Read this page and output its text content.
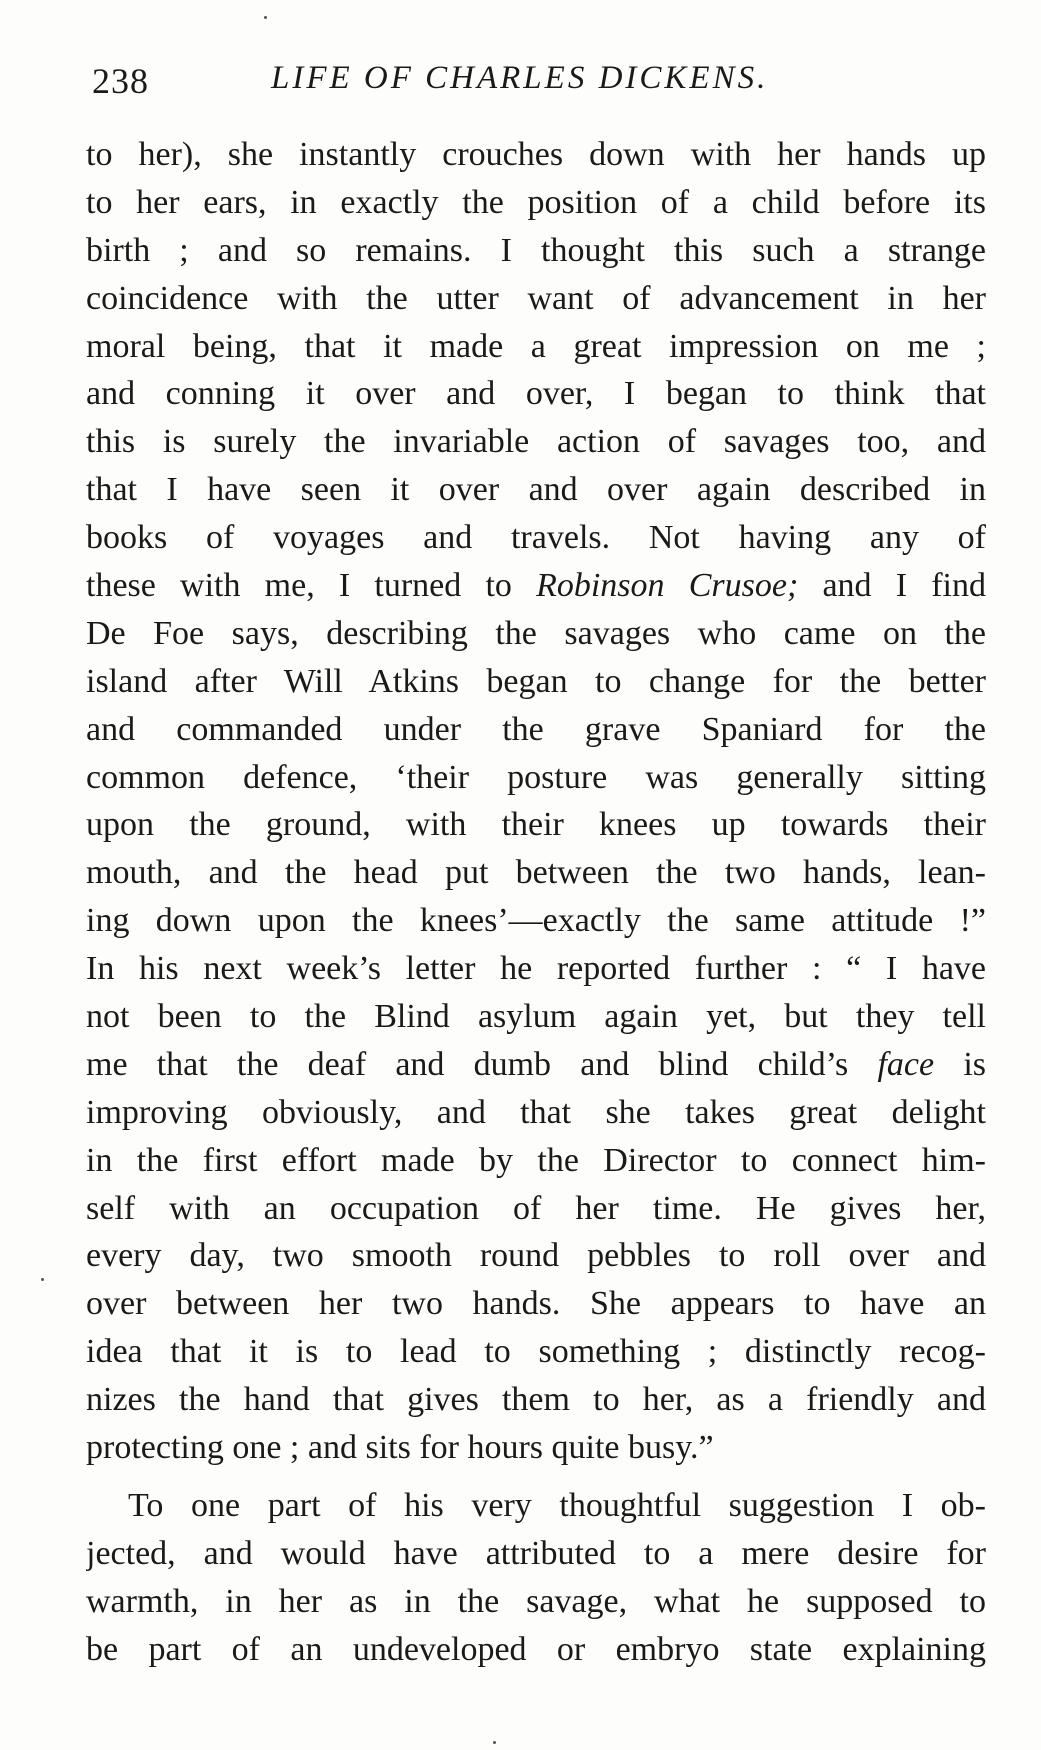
238	LIFE OF CHARLES DICKENS.
to her), she instantly crouches down with her hands up
to her ears, in exactly the position of a child before its
birth ; and so remains. I thought this such a strange
coincidence with the utter want of advancement in her
moral being, that it made a great impression on me ;
and conning it over and over, I began to think that
this is surely the invariable action of savages too, and
that I have seen it over and over again described in
books of voyages and travels. Not having any of
these with me, I turned to Robinson Crusoe; and I find
De Foe says, describing the savages who came on the
island after Will Atkins began to change for the better
and commanded under the grave Spaniard for the
common defence, ‘their posture was generally sitting
upon the ground, with their knees up towards their
mouth, and the head put between the two hands, lean-
ing down upon the knees’—exactly the same attitude !”
In his next week’s letter he reported further : “ I have
not been to the Blind asylum again yet, but they tell
me that the deaf and dumb and blind child’s face is
improving obviously, and that she takes great delight
in the first effort made by the Director to connect him-
self with an occupation of her time. He gives her,
every day, two smooth round pebbles to roll over and
over between her two hands. She appears to have an
idea that it is to lead to something ; distinctly recog-
nizes the hand that gives them to her, as a friendly and
protecting one ; and sits for hours quite busy.”
To one part of his very thoughtful suggestion I ob-
jected, and would have attributed to a mere desire for
warmth, in her as in the savage, what he supposed to
be part of an undeveloped or embryo state explaining
